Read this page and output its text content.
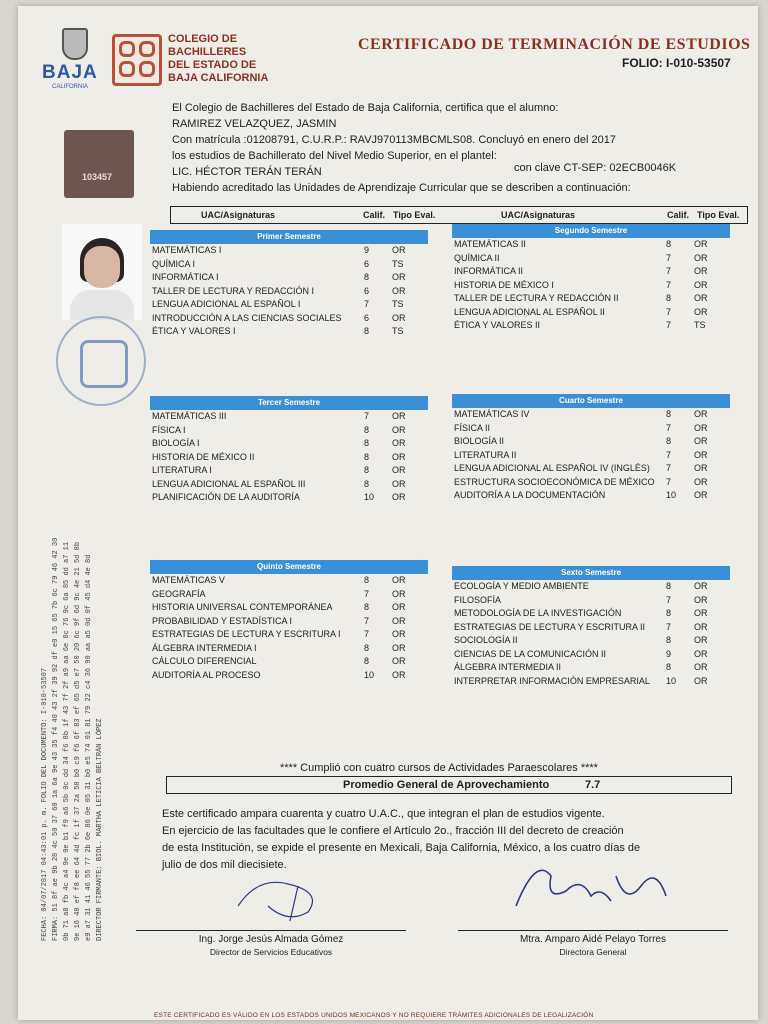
BAJA
CALIFORNIA
COLEGIO DE
BACHILLERES
DEL ESTADO DE
BAJA CALIFORNIA
CERTIFICADO DE TERMINACIÓN DE ESTUDIOS
FOLIO: I-010-53507
El Colegio de Bachilleres del Estado de Baja California, certifica que el alumno:
RAMIREZ VELAZQUEZ, JASMIN
Con matrícula :01208791, C.U.R.P.: RAVJ970113MBCMLS08. Concluyó en enero del 2017
los estudios de Bachillerato del Nivel Medio Superior, en el plantel:
LIC. HÉCTOR TERÁN TERÁN
Habiendo acreditado las Unidades de Aprendizaje Curricular que se describen a continuación:
con clave CT-SEP: 02ECB0046K
103457
FECHA: 04/07/2017 04:43:01 p. m. FOLIO DEL DOCUMENTO: I-010-53507 FIRMA: 51 8f ae 9b 28 4c 50 37 60 1a 6a 9e 43 35 f4 40 43 2f 39 92 df e0 15 65 7b 6c 79 46 42 30 0b 71 a8 fb 4c a4 9e 0e b1 f9 a6 5b 0c dd 34 f6 8b 1f 43 7f 2f a9 aa 6e 8c 76 9c 6a 85 dd a7 11 9e 16 48 ef f8 ee 64 4d fc 1f 37 2a 58 b0 c9 f6 6f 83 ef 65 d5 e7 50 20 6c 9f 6d 9c 4e 21 5d 8b e9 a7 31 41 46 55 77 2b 6e 86 0e 05 31 b0 e5 74 01 81 79 22 c4 36 90 aa a5 0d 0f 45 d4 4e 8d DIRECTOR FIRMANTE: BIOL. MARTHA LETICIA BELTRÁN LÓPEZ
UAC/Asignaturas	Calif. Tipo Eval.	UAC/Asignaturas	Calif. Tipo Eval.
Primer Semestre
MATEMÁTICAS I	9	OR
QUÍMICA I	6	TS
INFORMÁTICA I	8	OR
TALLER DE LECTURA Y REDACCIÓN I	6	OR
LENGUA ADICIONAL AL ESPAÑOL I	7	TS
INTRODUCCIÓN A LAS CIENCIAS SOCIALES 6	OR
ÉTICA Y VALORES I	8	TS
Segundo Semestre
MATEMÁTICAS II	8	OR
QUÍMICA II	7	OR
INFORMÁTICA II	7	OR
HISTORIA DE MÉXICO I	7	OR
TALLER DE LECTURA Y REDACCIÓN II	8	OR
LENGUA ADICIONAL AL ESPAÑOL II	7	OR
ÉTICA Y VALORES II	7	TS
Tercer Semestre
MATEMÁTICAS III	7	OR
FÍSICA I	8	OR
BIOLOGÍA I	8	OR
HISTORIA DE MÉXICO II	8	OR
LITERATURA I	8	OR
LENGUA ADICIONAL AL ESPAÑOL III	8	OR
PLANIFICACIÓN DE LA AUDITORÍA	10 OR
Cuarto Semestre
MATEMÁTICAS IV	8	OR
FÍSICA II	7	OR
BIOLOGÍA II	8	OR
LITERATURA II	7	OR
LENGUA ADICIONAL AL ESPAÑOL IV (INGLÉS) 7	OR
ESTRUCTURA SOCIOECONÓMICA DE MÉXICO 7	OR
AUDITORÍA A LA DOCUMENTACIÓN	10 OR
Quinto Semestre
MATEMÁTICAS V	8	OR
GEOGRAFÍA	7	OR
HISTORIA UNIVERSAL CONTEMPORÁNEA	8	OR
PROBABILIDAD Y ESTADÍSTICA I	7	OR
ESTRATEGIAS DE LECTURA Y ESCRITURA I	7	OR
ÁLGEBRA INTERMEDIA I	8	OR
CÁLCULO DIFERENCIAL	8	OR
AUDITORÍA AL PROCESO	10 OR
Sexto Semestre
ECOLOGÍA Y MEDIO AMBIENTE	8	OR
FILOSOFÍA	7	OR
METODOLOGÍA DE LA INVESTIGACIÓN	8	OR
ESTRATEGIAS DE LECTURA Y ESCRITURA II 7	OR
SOCIOLOGÍA II	8	OR
CIENCIAS DE LA COMUNICACIÓN II	9	OR
ÁLGEBRA INTERMEDIA II	8	OR
INTERPRETAR INFORMACIÓN EMPRESARIAL 10 OR
**** Cumplió con cuatro cursos de Actividades Paraescolares ****
Promedio General de Aprovechamiento	7.7
Este certificado ampara cuarenta y cuatro U.A.C., que integran el plan de estudios vigente.
En ejercicio de las facultades que le confiere el Artículo 2o., fracción III del decreto de creación
de esta Institución, se expide el presente en Mexicali, Baja California, México, a los cuatro días de
julio de dos mil diecisiete.
Ing. Jorge Jesús Almada Gómez
Director de Servicios Educativos
Mtra. Amparo Aidé Pelayo Torres
Directora General
ESTE CERTIFICADO ES VÁLIDO EN LOS ESTADOS UNIDOS MEXICANOS Y NO REQUIERE TRÁMITES ADICIONALES DE LEGALIZACIÓN
